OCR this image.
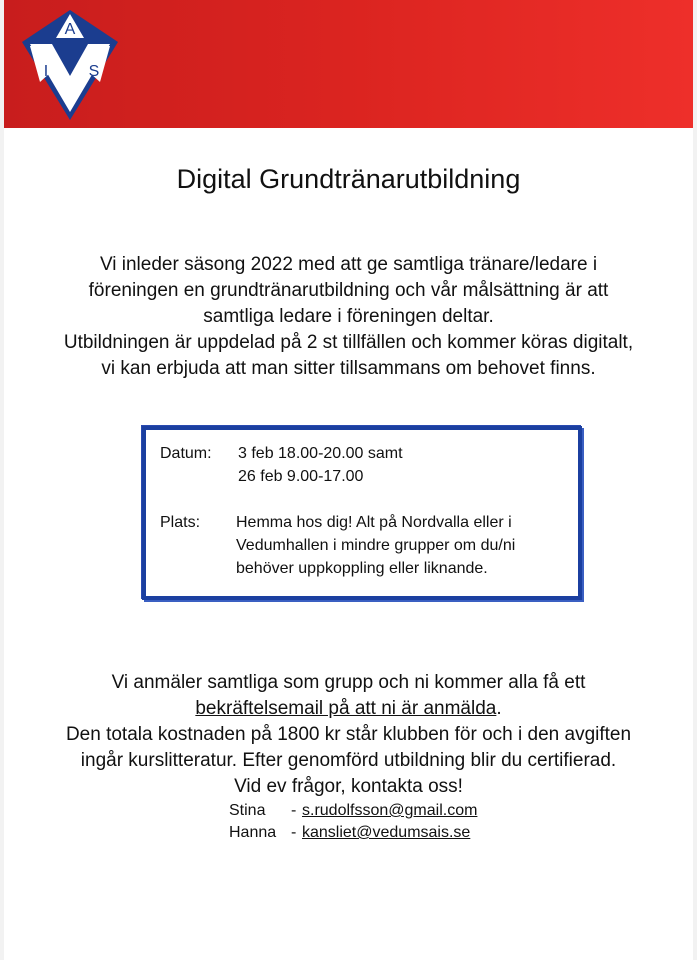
A
I	S
Digital Grundtränarutbildning

Vi inleder säsong 2022 med att ge samtliga tränare/ledare i
föreningen en grundtränarutbildning och vår målsättning är att
samtliga ledare i föreningen deltar.
Utbildningen är uppdelad på 2 st tillfällen och kommer köras digitalt,
vi kan erbjuda att man sitter tillsammans om behovet finns.

Datum: 3 feb 18.00-20.00 samt
26 feb 9.00-17.00
Plats: Hemma hos dig! Alt på Nordvalla eller i
Vedumhallen i mindre grupper om du/ni
behöver uppkoppling eller liknande.

Vi anmäler samtliga som grupp och ni kommer alla få ett
bekräftelsemail på att ni är anmälda.
Den totala kostnaden på 1800 kr står klubben för och i den avgiften
ingår kurslitteratur. Efter genomförd utbildning blir du certifierad.
Vid ev frågor, kontakta oss!

Stina - s.rudolfsson@gmail.com
Hanna - kansliet@vedumsais.se
